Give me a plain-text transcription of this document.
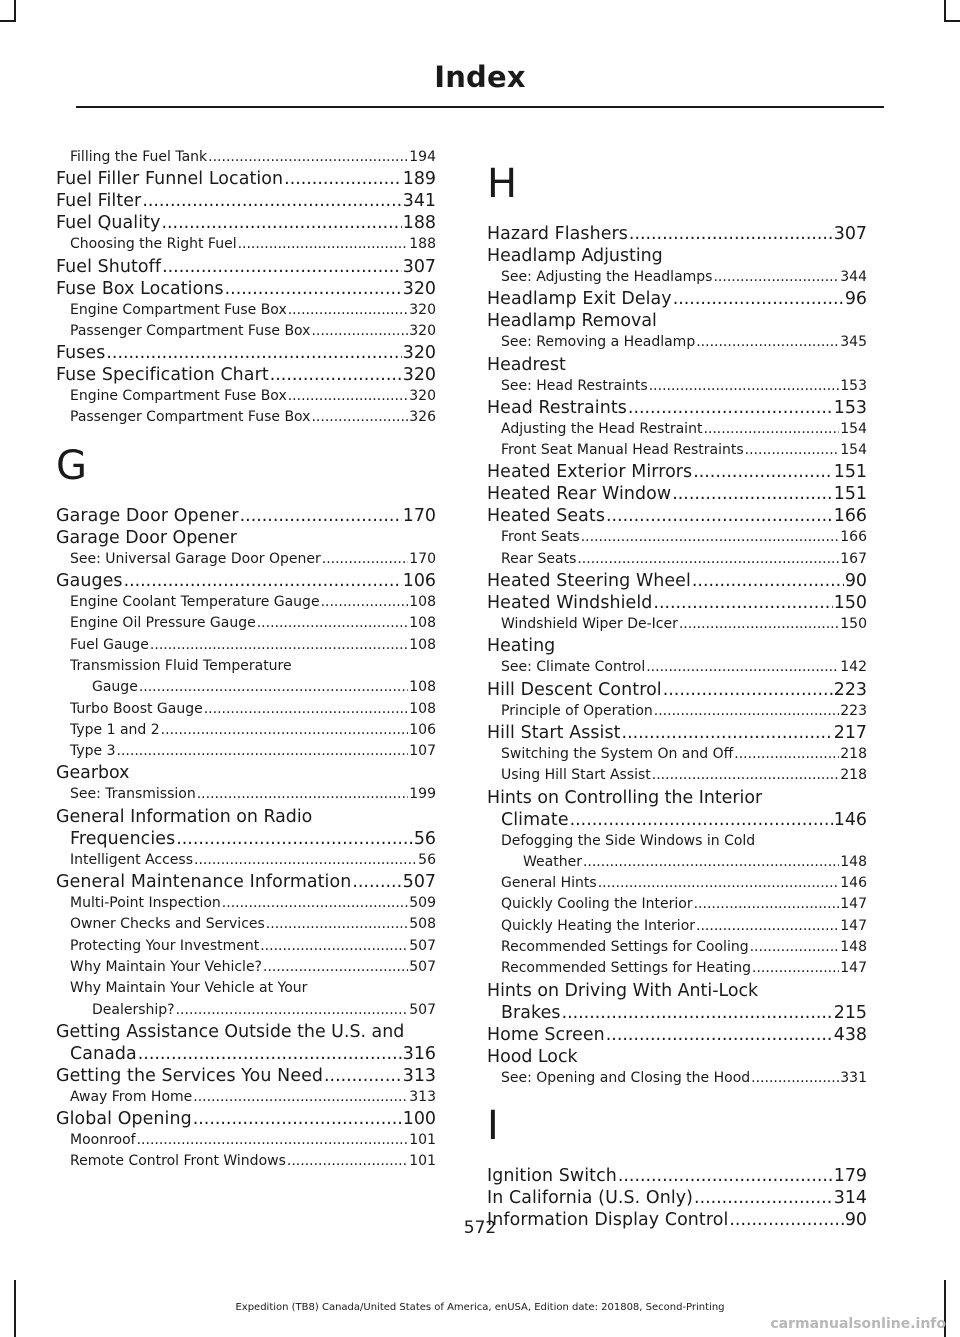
Index
Filling the Fuel Tank .....	194
Fuel Filler Funnel Location .....	189
Fuel Filter .....	341
Fuel Quality .....	188
Choosing the Right Fuel .....	188
Fuel Shutoff .....	307
Fuse Box Locations .....	320
Engine Compartment Fuse Box .....	320
Passenger Compartment Fuse Box .....	320
Fuses .....	320
Fuse Specification Chart .....	320
Engine Compartment Fuse Box .....	320
Passenger Compartment Fuse Box .....	326
G
Garage Door Opener .....	170
Garage Door Opener
See: Universal Garage Door Opener .....	170
Gauges .....	106
Engine Coolant Temperature Gauge .....	108
Engine Oil Pressure Gauge .....	108
Fuel Gauge .....	108
Transmission Fluid Temperature
Gauge .....	108
Turbo Boost Gauge .....	108
Type 1 and 2 .....	106
Type 3 .....	107
Gearbox
See: Transmission .....	199
General Information on Radio
Frequencies .....	56
Intelligent Access .....	56
General Maintenance Information .....	507
Multi-Point Inspection .....	509
Owner Checks and Services .....	508
Protecting Your Investment .....	507
Why Maintain Your Vehicle? .....	507
Why Maintain Your Vehicle at Your
Dealership? .....	507
Getting Assistance Outside the U.S. and
Canada .....	316
Getting the Services You Need .....	313
Away From Home .....	313
Global Opening .....	100
Moonroof .....	101
Remote Control Front Windows .....	101
H
Hazard Flashers .....	307
Headlamp Adjusting
See: Adjusting the Headlamps .....	344
Headlamp Exit Delay .....	96
Headlamp Removal
See: Removing a Headlamp .....	345
Headrest
See: Head Restraints .....	153
Head Restraints .....	153
Adjusting the Head Restraint .....	154
Front Seat Manual Head Restraints .....	154
Heated Exterior Mirrors .....	151
Heated Rear Window .....	151
Heated Seats .....	166
Front Seats .....	166
Rear Seats .....	167
Heated Steering Wheel .....	90
Heated Windshield .....	150
Windshield Wiper De-Icer .....	150
Heating
See: Climate Control .....	142
Hill Descent Control .....	223
Principle of Operation .....	223
Hill Start Assist .....	217
Switching the System On and Off .....	218
Using Hill Start Assist .....	218
Hints on Controlling the Interior
Climate .....	146
Defogging the Side Windows in Cold
Weather .....	148
General Hints .....	146
Quickly Cooling the Interior .....	147
Quickly Heating the Interior .....	147
Recommended Settings for Cooling .....	148
Recommended Settings for Heating .....	147
Hints on Driving With Anti-Lock
Brakes .....	215
Home Screen .....	438
Hood Lock
See: Opening and Closing the Hood .....	331
I
Ignition Switch .....	179
In California (U.S. Only) .....	314
Information Display Control .....	90
572
Expedition (TB8) Canada/United States of America, enUSA, Edition date: 201808, Second-Printing
carmanualsonline.info
